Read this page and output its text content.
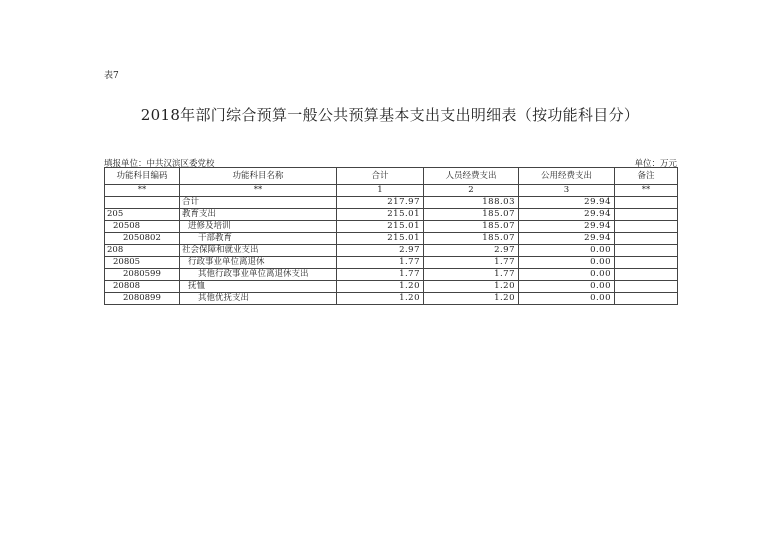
表7
2018年部门综合预算一般公共预算基本支出支出明细表（按功能科目分）
填报单位：中共汉滨区委党校	单位：万元
功能科目编码	功能科目名称	合计	人员经费支出	公用经费支出	备注
**	**	1	2	3	**
	合计	217.97	188.03	29.94	
205	教育支出	215.01	185.07	29.94	
20508	进修及培训	215.01	185.07	29.94	
2050802	干部教育	215.01	185.07	29.94	
208	社会保障和就业支出	2.97	2.97	0.00	
20805	行政事业单位离退休	1.77	1.77	0.00	
2080599	其他行政事业单位离退休支出	1.77	1.77	0.00	
20808	抚恤	1.20	1.20	0.00	
2080899	其他优抚支出	1.20	1.20	0.00	
